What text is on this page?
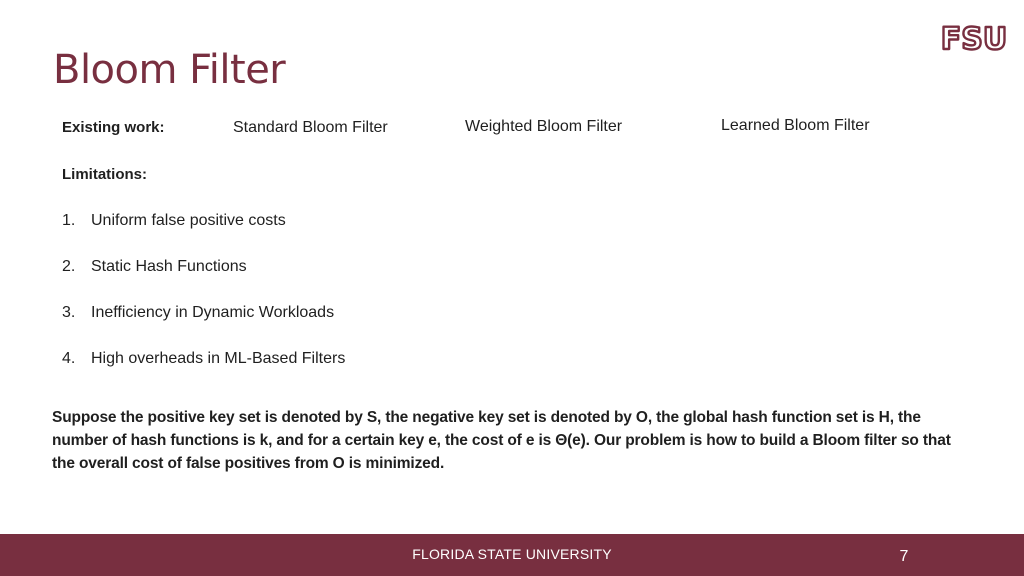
Bloom Filter
FSU
Existing work:	Standard Bloom Filter	Weighted Bloom Filter	Learned Bloom Filter
Limitations:
1. Uniform false positive costs
2. Static Hash Functions
3. Inefficiency in Dynamic Workloads
4. High overheads in ML-Based Filters
Suppose the positive key set is denoted by S, the negative key set is denoted by O, the global hash function set is H, the number of hash functions is k, and for a certain key e, the cost of e is Θ(e). Our problem is how to build a Bloom filter so that the overall cost of false positives from O is minimized.
FLORIDA STATE UNIVERSITY	7
